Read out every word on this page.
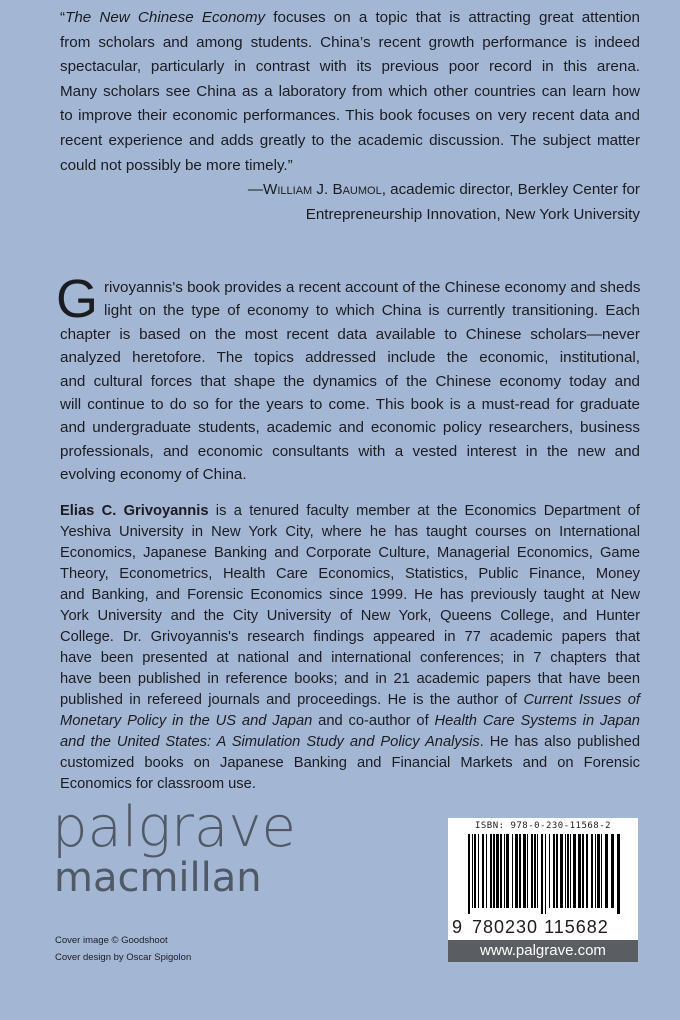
“The New Chinese Economy focuses on a topic that is attracting great attention
from scholars and among students. China’s recent growth performance is indeed
spectacular, particularly in contrast with its previous poor record in this arena.
Many scholars see China as a laboratory from which other countries can learn how
to improve their economic performances. This book focuses on very recent data and
recent experience and adds greatly to the academic discussion. The subject matter
could not possibly be more timely.”
—William J. Baumol, academic director, Berkley Center for
Entrepreneurship Innovation, New York University
G rivoyannis's book provides a recent account of the Chinese economy and sheds
light on the type of economy to which China is currently transitioning. Each
chapter is based on the most recent data available to Chinese scholars—never
analyzed heretofore. The topics addressed include the economic, institutional,
and cultural forces that shape the dynamics of the Chinese economy today and
will continue to do so for the years to come. This book is a must-read for graduate
and undergraduate students, academic and economic policy researchers, business
professionals, and economic consultants with a vested interest in the new and
evolving economy of China.
Elias C. Grivoyannis is a tenured faculty member at the Economics Department of
Yeshiva University in New York City, where he has taught courses on International
Economics, Japanese Banking and Corporate Culture, Managerial Economics, Game
Theory, Econometrics, Health Care Economics, Statistics, Public Finance, Money
and Banking, and Forensic Economics since 1999. He has previously taught at New
York University and the City University of New York, Queens College, and Hunter
College. Dr. Grivoyannis's research findings appeared in 77 academic papers that
have been presented at national and international conferences; in 7 chapters that
have been published in reference books; and in 21 academic papers that have been
published in refereed journals and proceedings. He is the author of Current Issues of
Monetary Policy in the US and Japan and co-author of Health Care Systems in Japan
and the United States: A Simulation Study and Policy Analysis. He has also published
customized books on Japanese Banking and Financial Markets and on Forensic
Economics for classroom use.
palgrave
macmillan
Cover image © Goodshoot
Cover design by Oscar Spigolon
ISBN: 978-0-230-11568-2
9 780230 115682
www.palgrave.com
